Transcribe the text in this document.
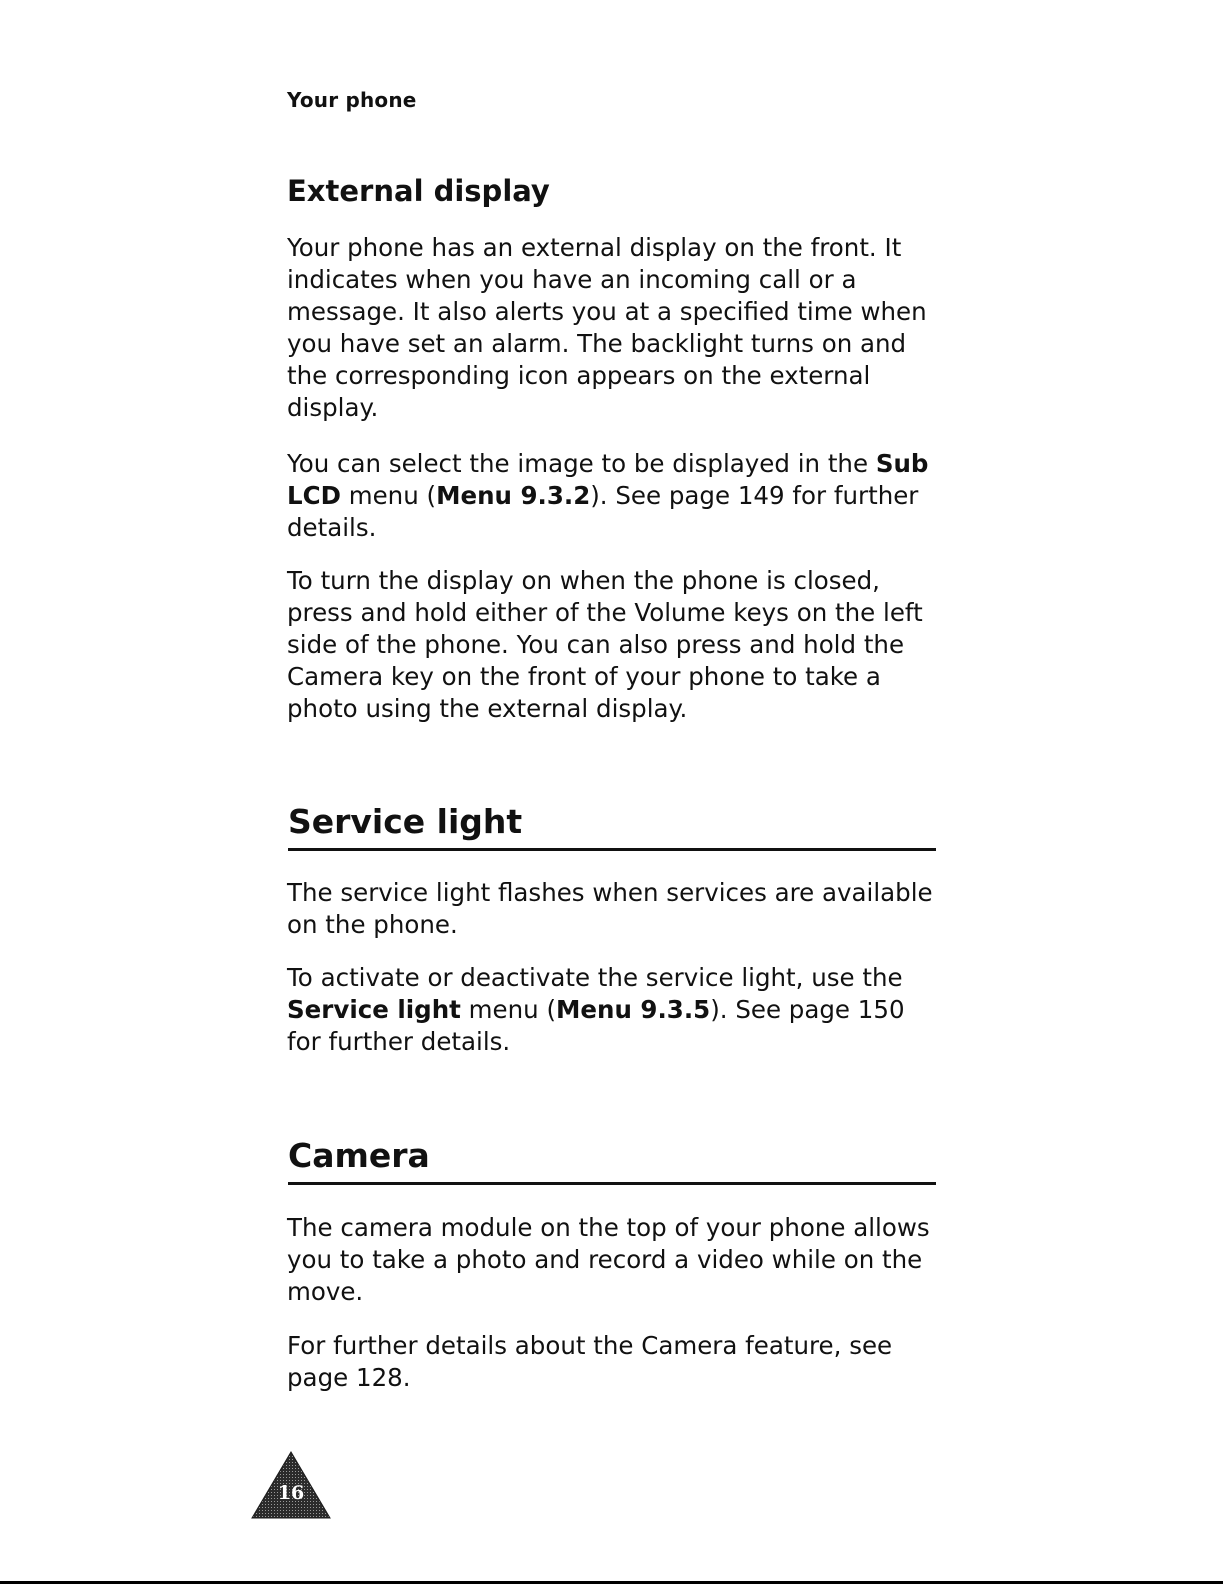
Your phone
External display

Your phone has an external display on the front. It indicates when you have an incoming call or a message. It also alerts you at a specified time when you have set an alarm. The backlight turns on and the corresponding icon appears on the external display.

You can select the image to be displayed in the Sub LCD menu (Menu 9.3.2). See page 149 for further details.

To turn the display on when the phone is closed, press and hold either of the Volume keys on the left side of the phone. You can also press and hold the Camera key on the front of your phone to take a photo using the external display.

Service light

The service light flashes when services are available on the phone.

To activate or deactivate the service light, use the Service light menu (Menu 9.3.5). See page 150 for further details.

Camera

The camera module on the top of your phone allows you to take a photo and record a video while on the move.

For further details about the Camera feature, see page 128.

16
